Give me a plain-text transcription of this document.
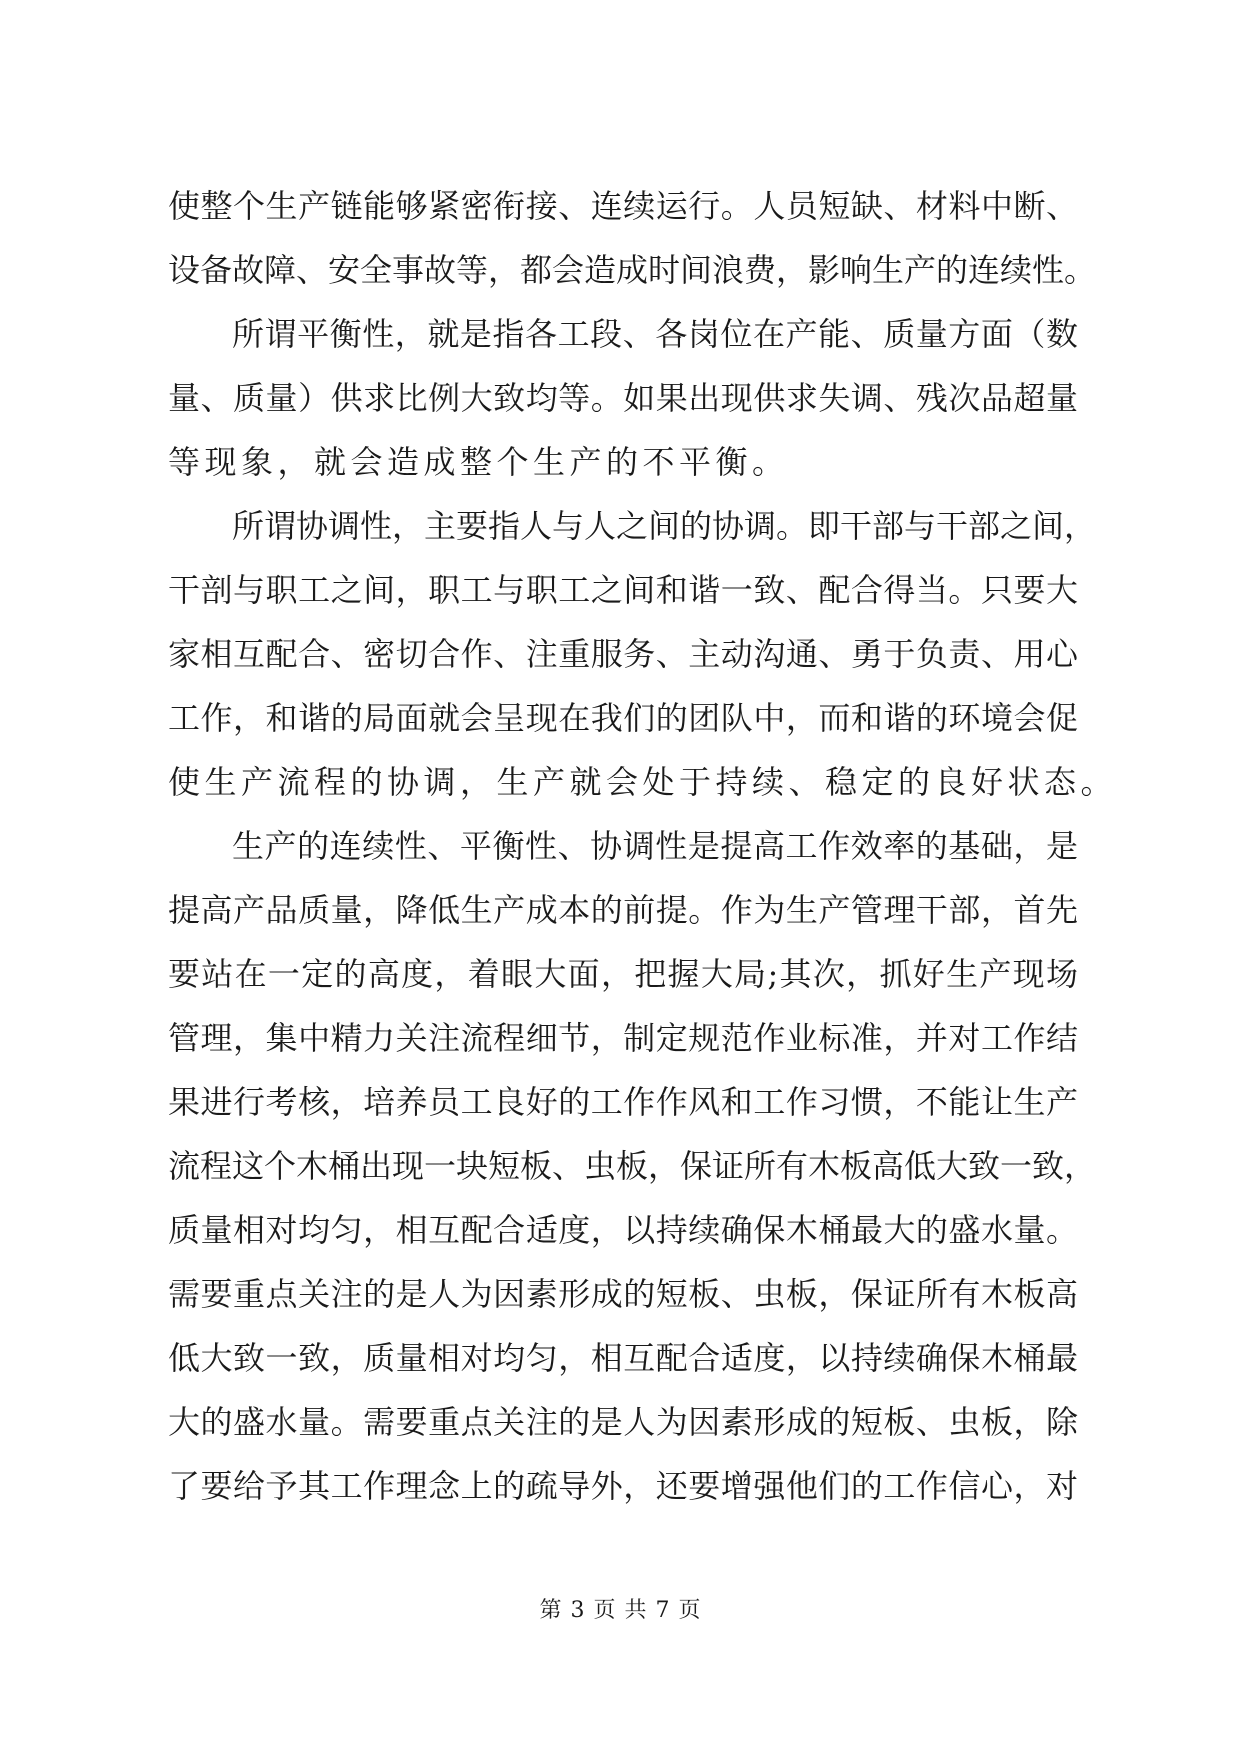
使整个生产链能够紧密衔接、连续运行。人员短缺、材料中断、
设备故障、安全事故等，都会造成时间浪费，影响生产的连续性。
所谓平衡性，就是指各工段、各岗位在产能、质量方面（数
量、质量）供求比例大致均等。如果出现供求失调、残次品超量
等现象，就会造成整个生产的不平衡。
所谓协调性，主要指人与人之间的协调。即干部与干部之间，
干剖与职工之间，职工与职工之间和谐一致、配合得当。只要大
家相互配合、密切合作、注重服务、主动沟通、勇于负责、用心
工作，和谐的局面就会呈现在我们的团队中，而和谐的环境会促
使生产流程的协调，生产就会处于持续、稳定的良好状态。
生产的连续性、平衡性、协调性是提高工作效率的基础，是
提高产品质量，降低生产成本的前提。作为生产管理干部，首先
要站在一定的高度，着眼大面，把握大局;其次，抓好生产现场
管理，集中精力关注流程细节，制定规范作业标准，并对工作结
果进行考核，培养员工良好的工作作风和工作习惯，不能让生产
流程这个木桶出现一块短板、虫板，保证所有木板高低大致一致，
质量相对均匀，相互配合适度，以持续确保木桶最大的盛水量。
需要重点关注的是人为因素形成的短板、虫板，保证所有木板高
低大致一致，质量相对均匀，相互配合适度，以持续确保木桶最
大的盛水量。需要重点关注的是人为因素形成的短板、虫板，除
了要给予其工作理念上的疏导外，还要增强他们的工作信心，对
第 3 页 共 7 页
